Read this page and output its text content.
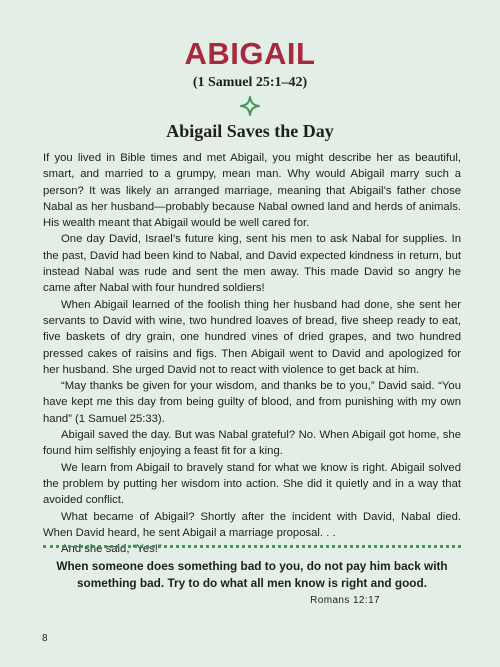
ABIGAIL
(1 Samuel 25:1–42)
Abigail Saves the Day

If you lived in Bible times and met Abigail, you might describe her as beautiful, smart, and married to a grumpy, mean man. Why would Abigail marry such a person? It was likely an arranged marriage, meaning that Abigail’s father chose Nabal as her husband—probably because Nabal owned land and herds of animals. His wealth meant that Abigail would be well cared for.

One day David, Israel’s future king, sent his men to ask Nabal for supplies. In the past, David had been kind to Nabal, and David expected kindness in return, but instead Nabal was rude and sent the men away. This made David so angry he came after Nabal with four hundred soldiers!

When Abigail learned of the foolish thing her husband had done, she sent her servants to David with wine, two hundred loaves of bread, five sheep ready to eat, five baskets of dry grain, one hundred vines of dried grapes, and two hundred pressed cakes of raisins and figs. Then Abigail went to David and apologized for her husband. She urged David not to react with violence to get back at him.

“May thanks be given for your wisdom, and thanks be to you,” David said. “You have kept me this day from being guilty of blood, and from punishing with my own hand” (1 Samuel 25:33).

Abigail saved the day. But was Nabal grateful? No. When Abigail got home, she found him selfishly enjoying a feast fit for a king.

We learn from Abigail to bravely stand for what we know is right. Abigail solved the problem by putting her wisdom into action. She did it quietly and in a way that avoided conflict.

What became of Abigail? Shortly after the incident with David, Nabal died. When David heard, he sent Abigail a marriage proposal. . .

And she said, “Yes!”

When someone does something bad to you, do not pay him back with something bad. Try to do what all men know is right and good.
Romans 12:17
8
